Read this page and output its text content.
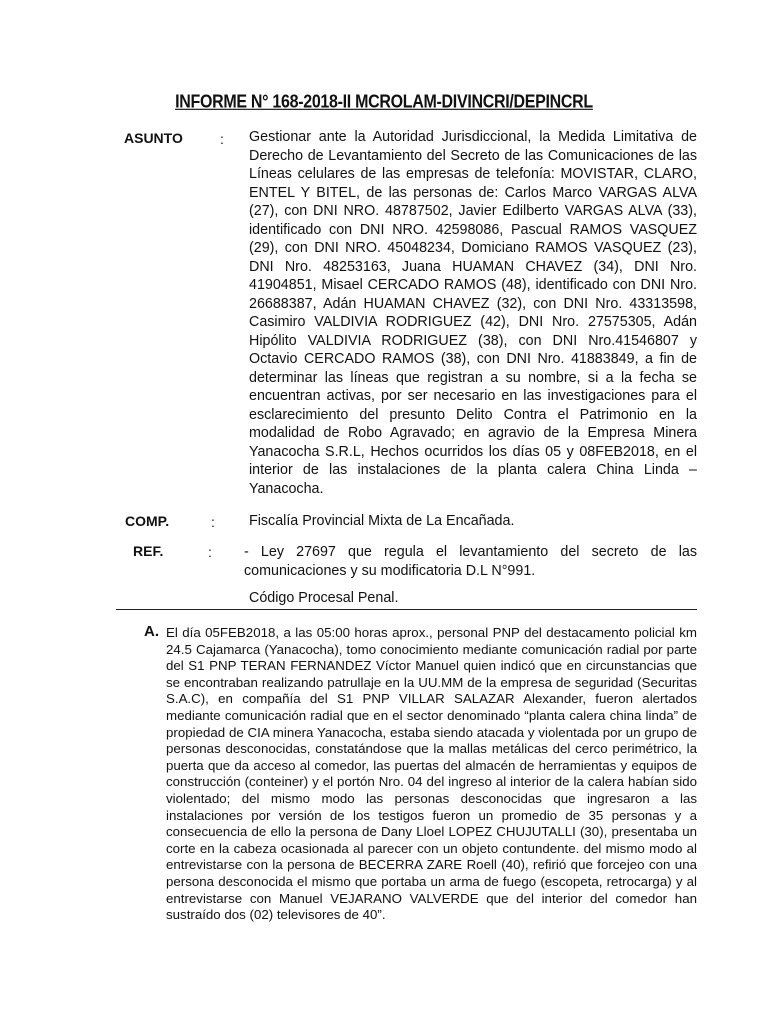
INFORME N° 168-2018-II MCROLAM-DIVINCRI/DEPINCRL
ASUNTO	: Gestionar ante la Autoridad Jurisdiccional, la Medida Limitativa de Derecho de Levantamiento del Secreto de las Comunicaciones de las Líneas celulares de las empresas de telefonía: MOVISTAR, CLARO, ENTEL Y BITEL, de las personas de: Carlos Marco VARGAS ALVA (27), con DNI NRO. 48787502, Javier Edilberto VARGAS ALVA (33), identificado con DNI NRO. 42598086, Pascual RAMOS VASQUEZ (29), con DNI NRO. 45048234, Domiciano RAMOS VASQUEZ (23), DNI Nro. 48253163, Juana HUAMAN CHAVEZ (34), DNI Nro. 41904851, Misael CERCADO RAMOS (48), identificado con DNI Nro. 26688387, Adán HUAMAN CHAVEZ (32), con DNI Nro. 43313598, Casimiro VALDIVIA RODRIGUEZ (42), DNI Nro. 27575305, Adán Hipólito VALDIVIA RODRIGUEZ (38), con DNI Nro.41546807 y Octavio CERCADO RAMOS (38), con DNI Nro. 41883849, a fin de determinar las líneas que registran a su nombre, si a la fecha se encuentran activas, por ser necesario en las investigaciones para el esclarecimiento del presunto Delito Contra el Patrimonio en la modalidad de Robo Agravado; en agravio de la Empresa Minera Yanacocha S.R.L, Hechos ocurridos los días 05 y 08FEB2018, en el interior de las instalaciones de la planta calera China Linda – Yanacocha.
COMP.	: Fiscalía Provincial Mixta de La Encañada.
REF.	: - Ley 27697 que regula el levantamiento del secreto de las comunicaciones y su modificatoria D.L N°991.
Código Procesal Penal.
A. El día 05FEB2018, a las 05:00 horas aprox., personal PNP del destacamento policial km 24.5 Cajamarca (Yanacocha), tomo conocimiento mediante comunicación radial por parte del S1 PNP TERAN FERNANDEZ Víctor Manuel quien indicó que en circunstancias que se encontraban realizando patrullaje en la UU.MM de la empresa de seguridad (Securitas S.A.C), en compañía del S1 PNP VILLAR SALAZAR Alexander, fueron alertados mediante comunicación radial que en el sector denominado “planta calera china linda” de propiedad de CIA minera Yanacocha, estaba siendo atacada y violentada por un grupo de personas desconocidas, constatándose que la mallas metálicas del cerco perimétrico, la puerta que da acceso al comedor, las puertas del almacén de herramientas y equipos de construcción (conteiner) y el portón Nro. 04 del ingreso al interior de la calera habían sido violentado; del mismo modo las personas desconocidas que ingresaron a las instalaciones por versión de los testigos fueron un promedio de 35 personas y a consecuencia de ello la persona de Dany Lloel LOPEZ CHUJUTALLI (30), presentaba un corte en la cabeza ocasionada al parecer con un objeto contundente. del mismo modo al entrevistarse con la persona de BECERRA ZARE Roell (40), refirió que forcejeo con una persona desconocida el mismo que portaba un arma de fuego (escopeta, retrocarga) y al entrevistarse con Manuel VEJARANO VALVERDE que del interior del comedor han sustraído dos (02) televisores de 40”.
